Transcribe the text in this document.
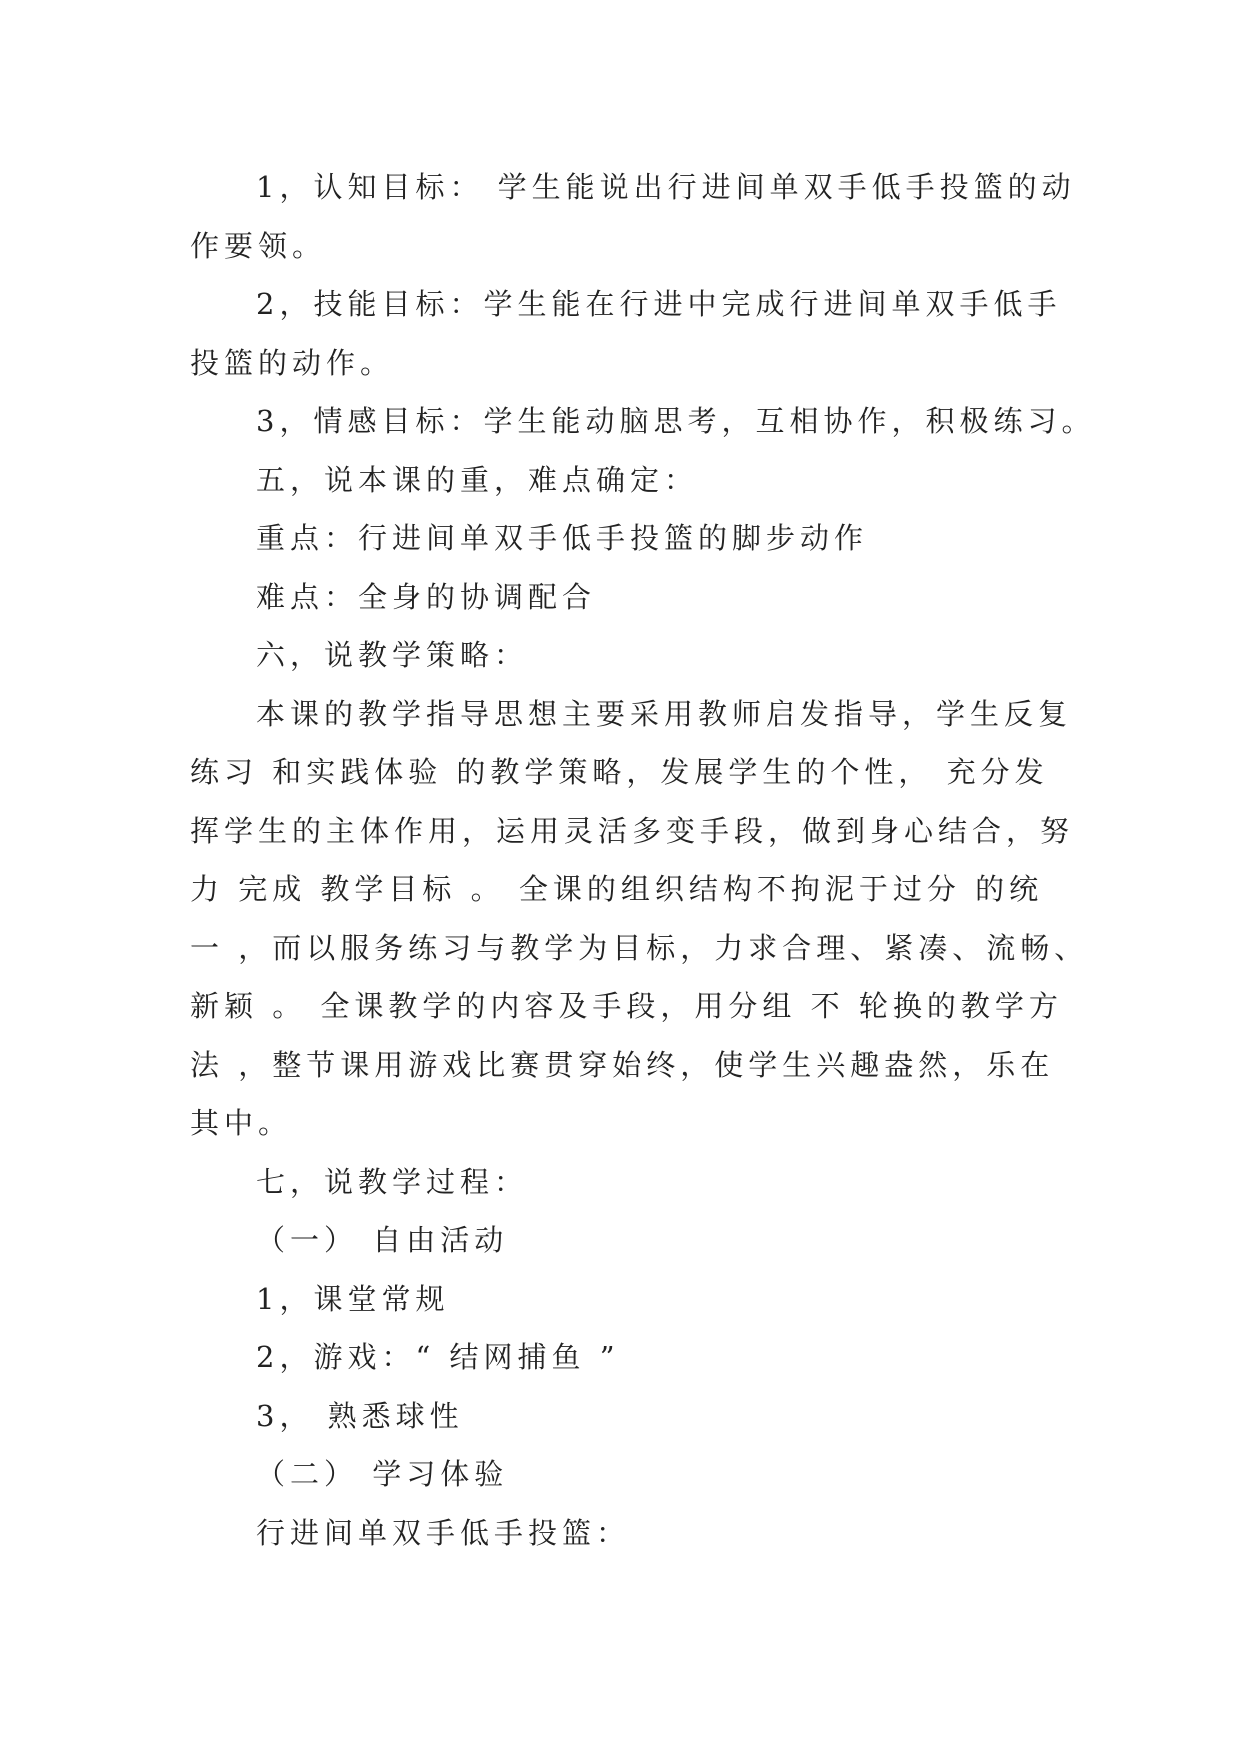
1，认知目标： 学生能说出行进间单双手低手投篮的动
作要领。
2，技能目标：学生能在行进中完成行进间单双手低手
投篮的动作。
3，情感目标：学生能动脑思考，互相协作，积极练习。
五，说本课的重，难点确定：
重点：行进间单双手低手投篮的脚步动作
难点：全身的协调配合
六，说教学策略：
本课的教学指导思想主要采用教师启发指导，学生反复
练习 和实践体验 的教学策略，发展学生的个性， 充分发
挥学生的主体作用，运用灵活多变手段，做到身心结合，努
力 完成 教学目标 。 全课的组织结构不拘泥于过分 的统
一 ，而以服务练习与教学为目标，力求合理、紧凑、流畅、
新颖 。 全课教学的内容及手段，用分组 不 轮换的教学方
法 ，整节课用游戏比赛贯穿始终，使学生兴趣盎然，乐在
其中。
七，说教学过程：
（一） 自由活动
1，课堂常规
2，游戏：“ 结网捕鱼 ”
3， 熟悉球性
（二） 学习体验
行进间单双手低手投篮：
